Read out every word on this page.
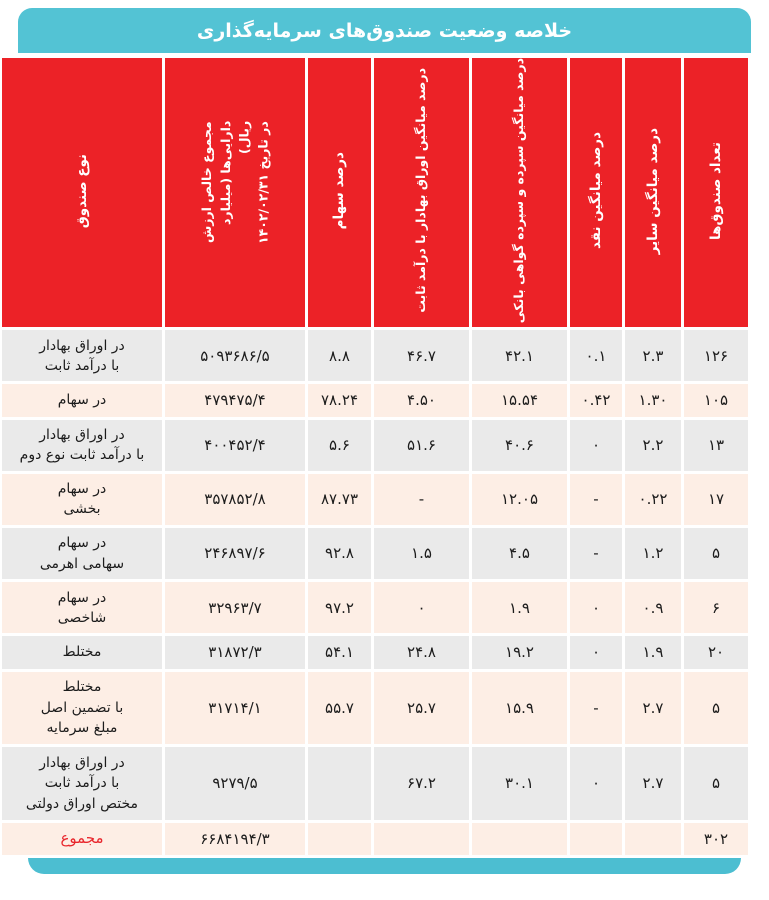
خلاصه وضعیت صندوق‌های سرمایه‌گذاری
تعداد صندوق‌ها	درصد میانگین سایر	درصد میانگین نقد	درصد میانگین سپرده و سپرده گواهی بانکی	درصد میانگین اوراق بهادار با درآمد ثابت	درصد سهام	مجموع خالص ارزش دارایی‌ها (میلیارد ریال)
در تاریخ ۱۴۰۲/۰۲/۳۱	نوع صندوق
۱۲۶	۲.۳	۰.۱	۴۲.۱	۴۶.۷	۸.۸	۵۰۹۳۶۸۶/۵	در اوراق بهادار
با درآمد ثابت
۱۰۵	۱.۳۰	۰.۴۲	۱۵.۵۴	۴.۵۰	۷۸.۲۴	۴۷۹۴۷۵/۴	در سهام
۱۳	۲.۲	۰	۴۰.۶	۵۱.۶	۵.۶	۴۰۰۴۵۲/۴	در اوراق بهادار
با درآمد ثابت نوع دوم
۱۷	۰.۲۲	-	۱۲.۰۵	-	۸۷.۷۳	۳۵۷۸۵۲/۸	در سهام
بخشی
۵	۱.۲	-	۴.۵	۱.۵	۹۲.۸	۲۴۶۸۹۷/۶	در سهام
سهامی اهرمی
۶	۰.۹	۰	۱.۹	۰	۹۷.۲	۳۲۹۶۳/۷	در سهام
شاخصی
۲۰	۱.۹	۰	۱۹.۲	۲۴.۸	۵۴.۱	۳۱۸۷۲/۳	مختلط
۵	۲.۷	-	۱۵.۹	۲۵.۷	۵۵.۷	۳۱۷۱۴/۱	مختلط
با تضمین اصل
مبلغ سرمایه
۵	۲.۷	۰	۳۰.۱	۶۷.۲		۹۲۷۹/۵	در اوراق بهادار
با درآمد ثابت
مختص اوراق دولتی
۳۰۲						۶۶۸۴۱۹۴/۳	مجموع
